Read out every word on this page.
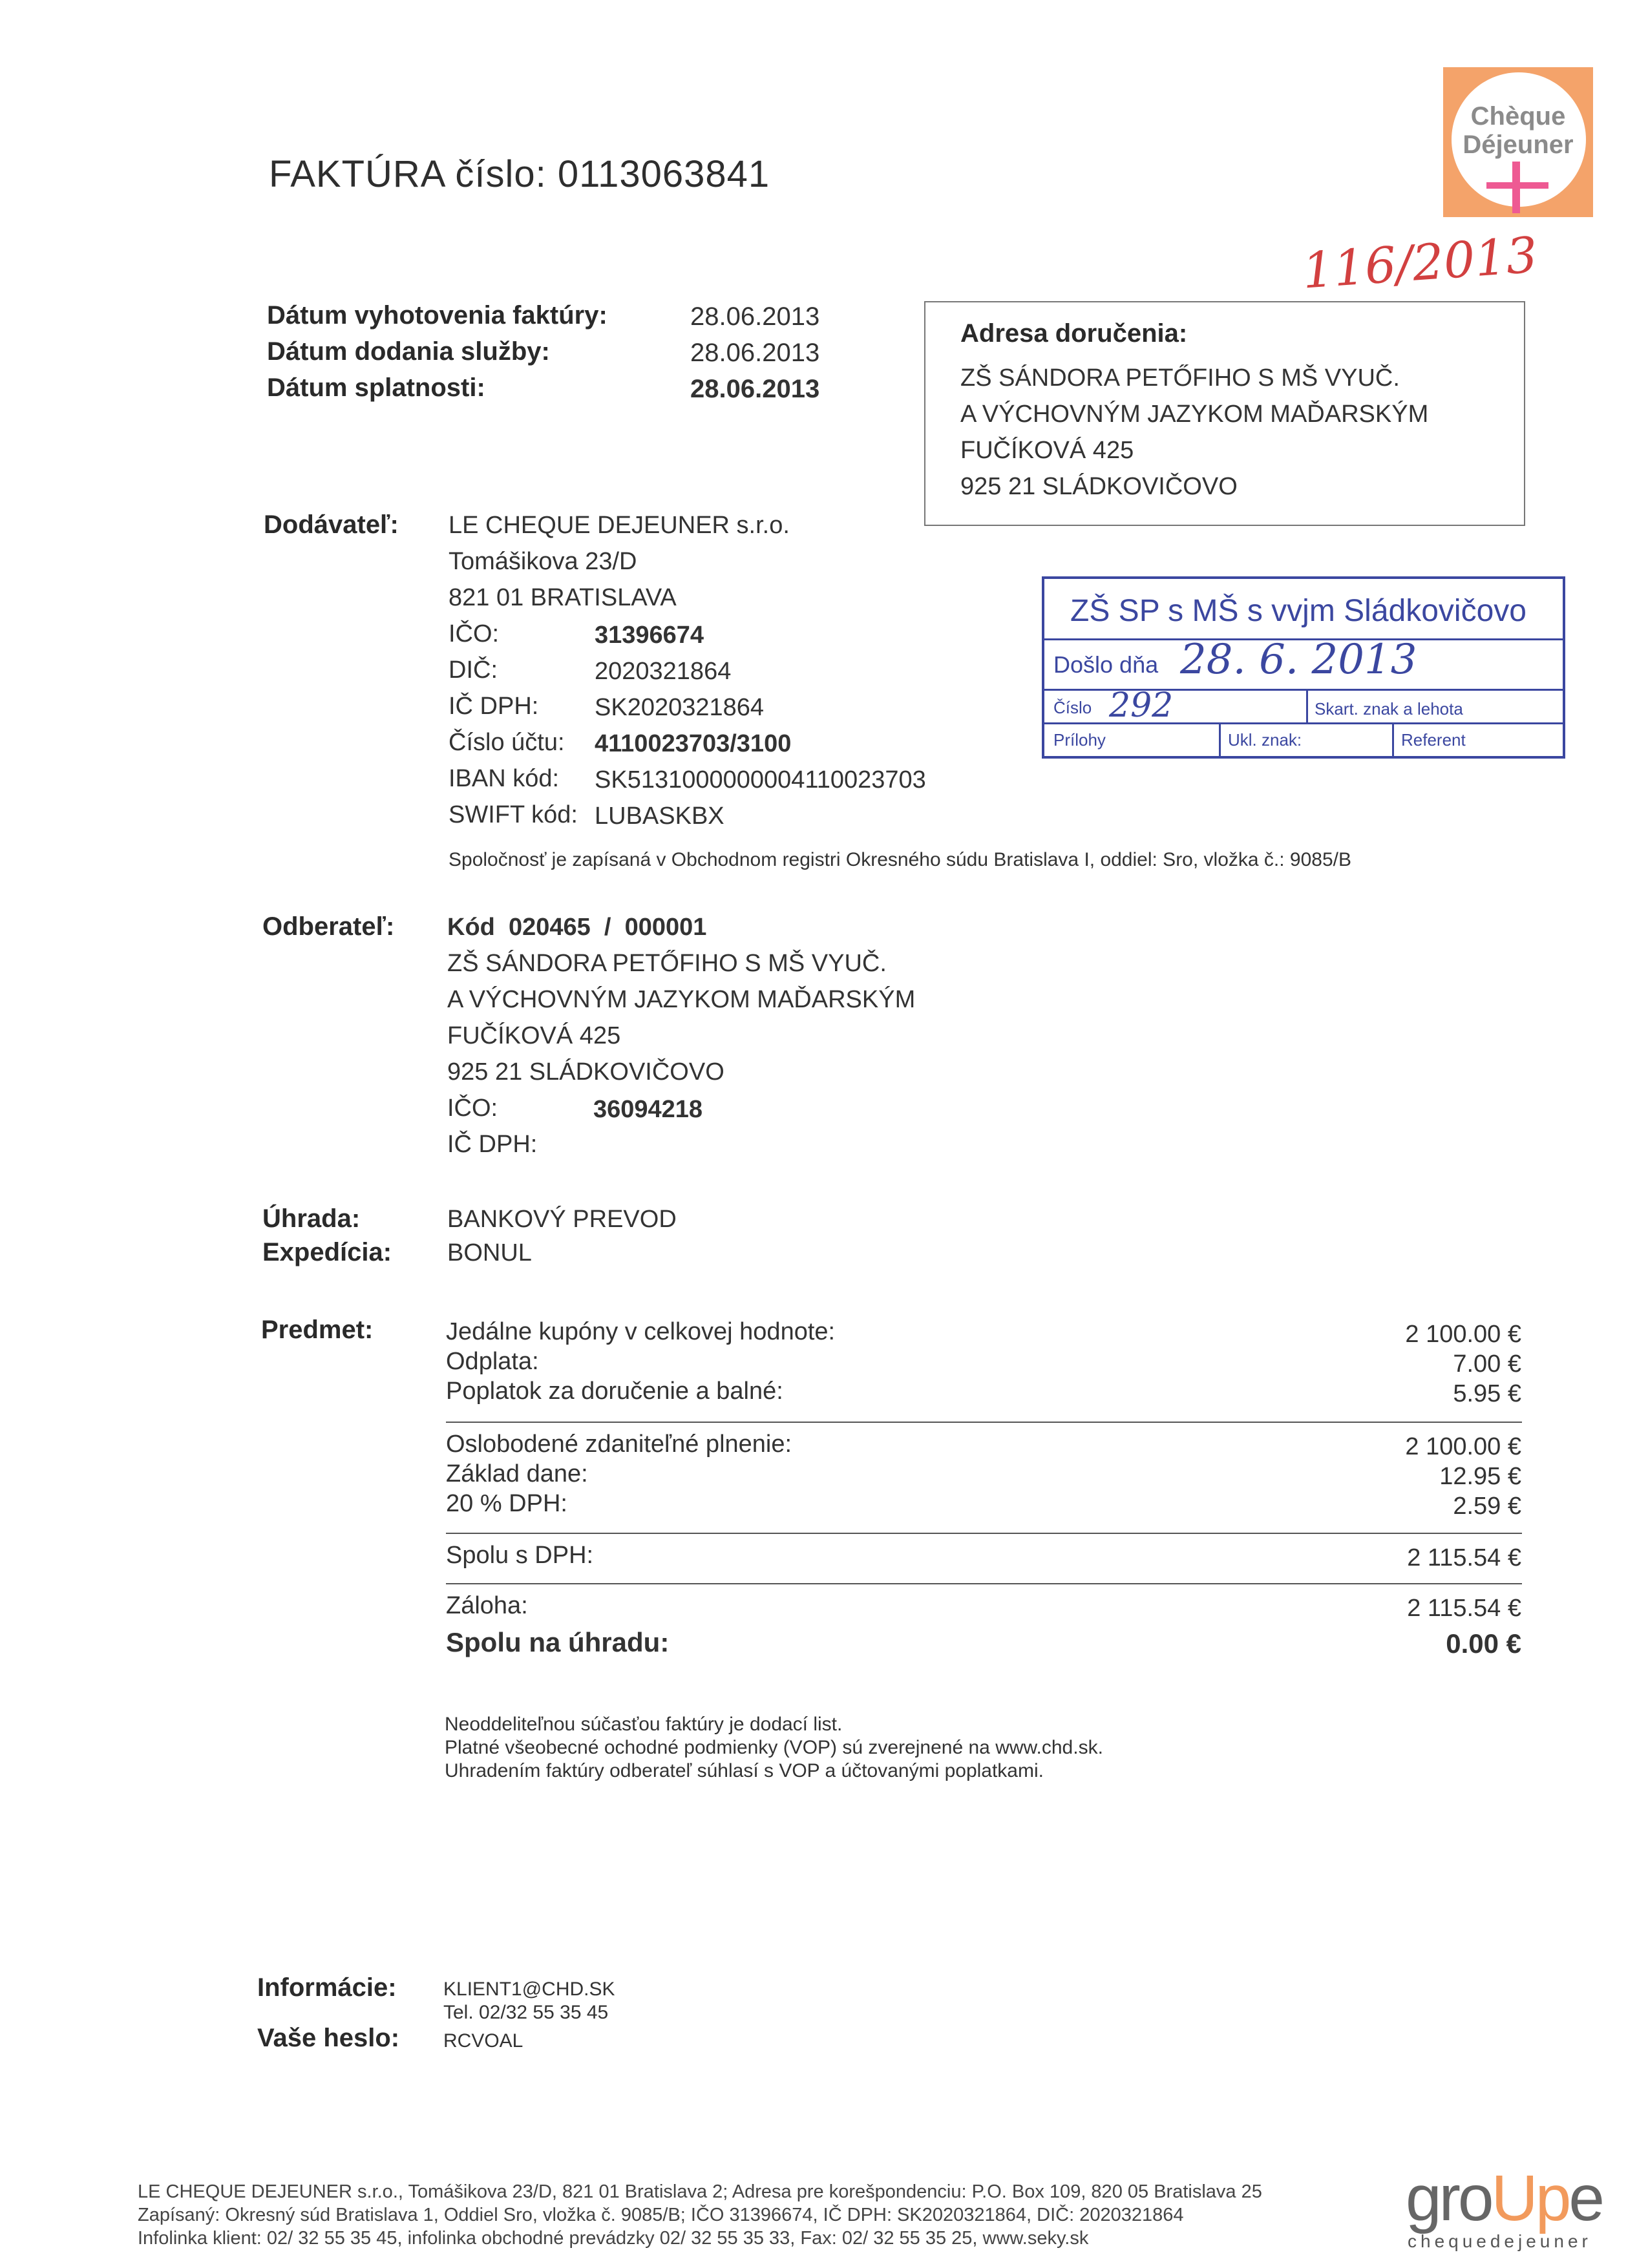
FAKTÚRA číslo: 0113063841
Chèque
Déjeuner
116/2013
Dátum vyhotovenia faktúry:	28.06.2013
Dátum dodania služby:	28.06.2013
Dátum splatnosti:	28.06.2013
Adresa doručenia:
ZŠ SÁNDORA PETŐFIHO S MŠ VYUČ.
A VÝCHOVNÝM JAZYKOM MAĎARSKÝM
FUČÍKOVÁ 425
925 21 SLÁDKOVIČOVO
ZŠ SP s MŠ s vvjm Sládkovičovo
Došlo dňa 28. 6. 2013
Číslo 292	Skart. znak a lehota
Prílohy	Ukl. znak:	Referent
Dodávateľ: LE CHEQUE DEJEUNER s.r.o.
Tomášikova 23/D
821 01 BRATISLAVA
IČO:	31396674
DIČ:	2020321864
IČ DPH: SK2020321864
Číslo účtu: 4110023703/3100
IBAN kód: SK5131000000004110023703
SWIFT kód: LUBASKBX
Spoločnosť je zapísaná v Obchodnom registri Okresného súdu Bratislava I, oddiel: Sro, vložka č.: 9085/B
Odberateľ: Kód  020465  /  000001
ZŠ SÁNDORA PETŐFIHO S MŠ VYUČ.
A VÝCHOVNÝM JAZYKOM MAĎARSKÝM
FUČÍKOVÁ 425
925 21 SLÁDKOVIČOVO
IČO:	36094218
IČ DPH:
Úhrada:	BANKOVÝ PREVOD
Expedícia: BONUL
Predmet:	Jedálne kupóny v celkovej hodnote:	2 100.00 €
Odplata:	7.00 €
Poplatok za doručenie a balné:	5.95 €
Oslobodené zdaniteľné plnenie:	2 100.00 €
Základ dane:	12.95 €
20 % DPH:	2.59 €
Spolu s DPH:	2 115.54 €
Záloha:	2 115.54 €
Spolu na úhradu:	0.00 €
Neoddeliteľnou súčasťou faktúry je dodací list.
Platné všeobecné ochodné podmienky (VOP) sú zverejnené na www.chd.sk.
Uhradením faktúry odberateľ súhlasí s VOP a účtovanými poplatkami.
Informácie: KLIENT1@CHD.SK
Tel. 02/32 55 35 45
Vaše heslo: RCVOAL
LE CHEQUE DEJEUNER s.r.o., Tomášikova 23/D, 821 01 Bratislava 2; Adresa pre korešpondenciu: P.O. Box 109, 820 05 Bratislava 25
Zapísaný: Okresný súd Bratislava 1, Oddiel Sro, vložka č. 9085/B; IČO 31396674, IČ DPH: SK2020321864, DIČ: 2020321864
Infolinka klient: 02/ 32 55 35 45, infolinka obchodné prevádzky 02/ 32 55 35 33, Fax: 02/ 32 55 35 25, www.seky.sk
groUpe
chequedejeuner
